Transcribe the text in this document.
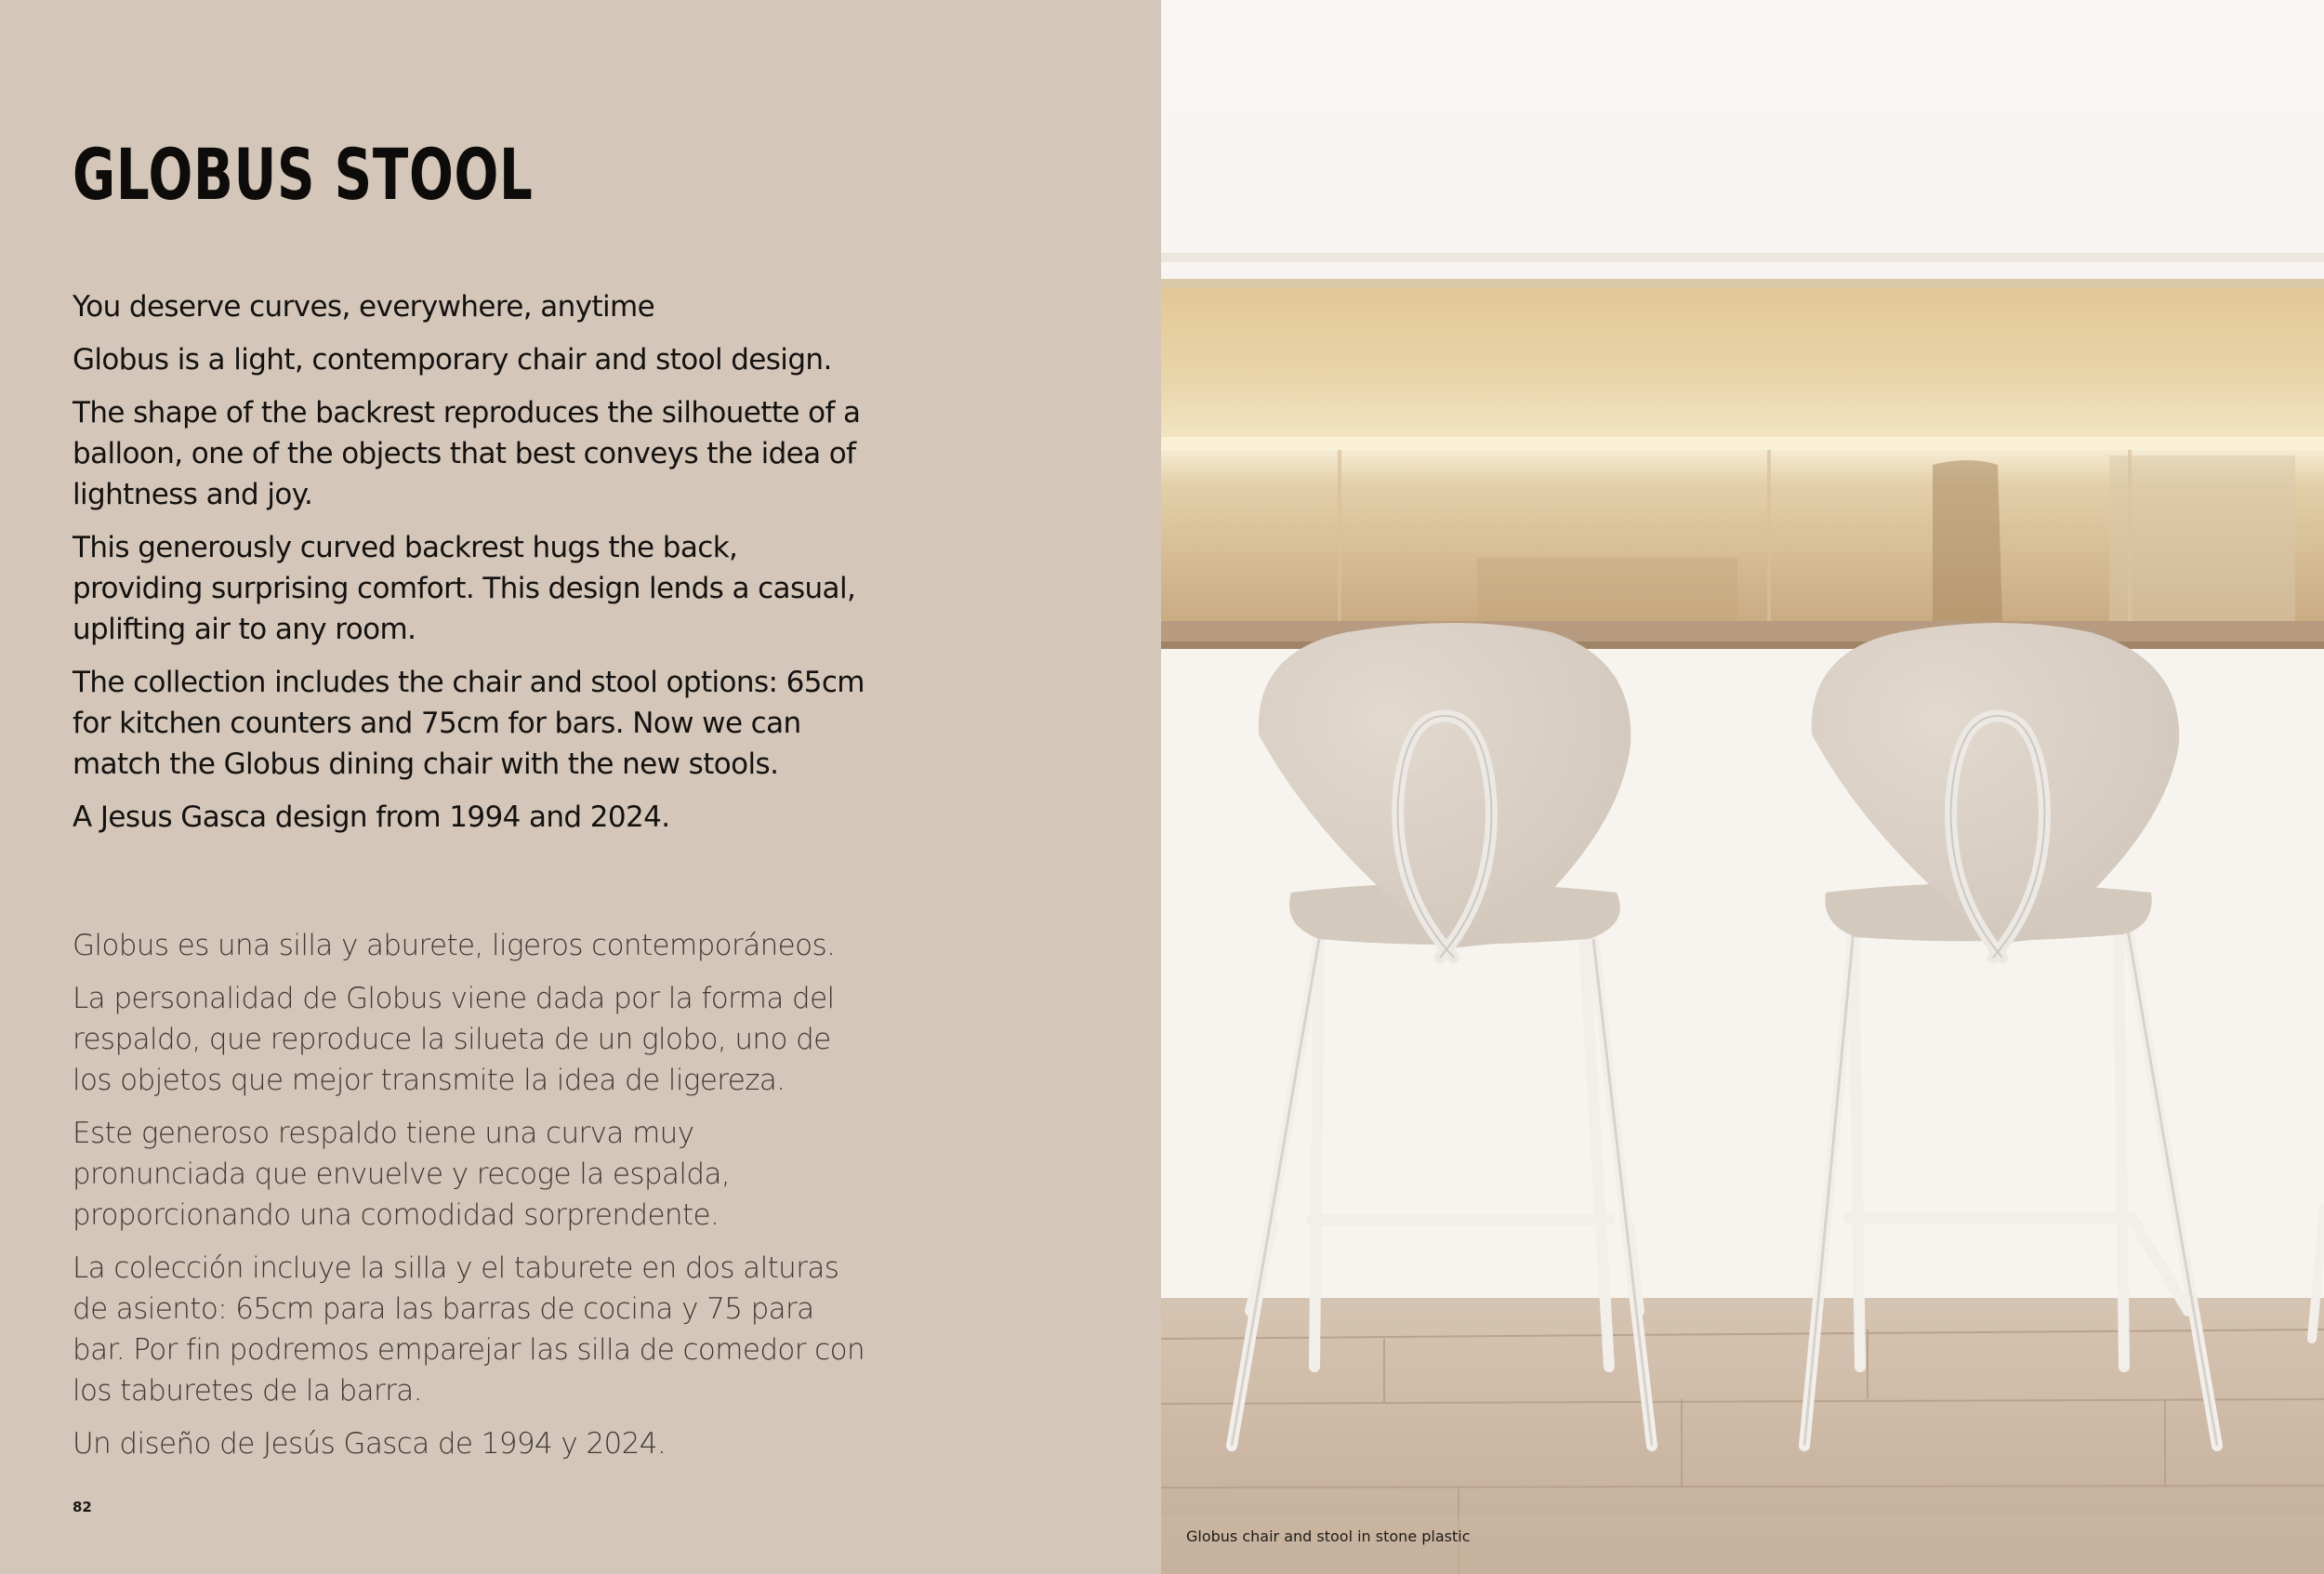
GLOBUS STOOL

You deserve curves, everywhere, anytime

Globus is a light, contemporary chair and stool design.

The shape of the backrest reproduces the silhouette of a balloon, one of the objects that best conveys the idea of lightness and joy.

This generously curved backrest hugs the back, providing surprising comfort. This design lends a casual, uplifting air to any room.

The collection includes the chair and stool options: 65cm for kitchen counters and 75cm for bars. Now we can match the Globus dining chair with the new stools.

A Jesus Gasca design from 1994 and 2024.

Globus es una silla y aburete, ligeros contemporáneos.

La personalidad de Globus viene dada por la forma del respaldo, que reproduce la silueta de un globo, uno de los objetos que mejor transmite la idea de ligereza.

Este generoso respaldo tiene una curva muy pronunciada que envuelve y recoge la espalda, proporcionando una comodidad sorprendente.

La colección incluye la silla y el taburete en dos alturas de asiento: 65cm para las barras de cocina y 75 para bar. Por fin podremos emparejar las silla de comedor con los taburetes de la barra.

Un diseño de Jesús Gasca de 1994 y 2024.

82
Globus chair and stool in stone plastic
